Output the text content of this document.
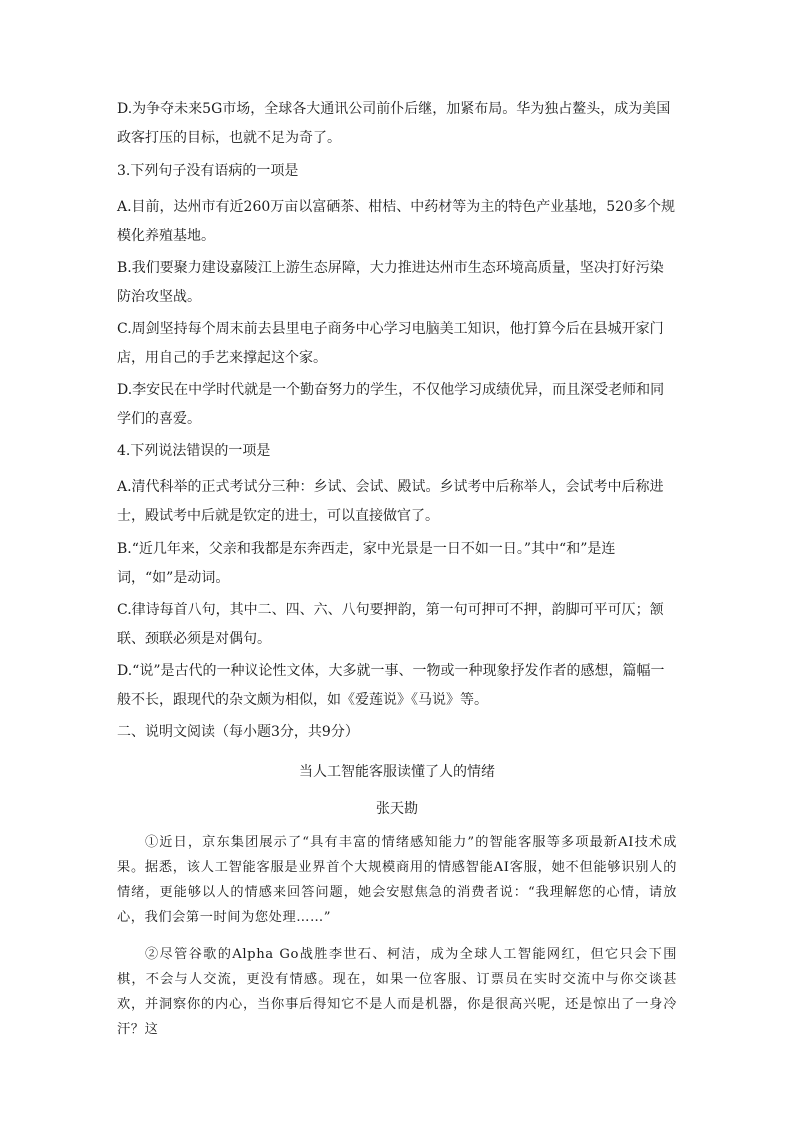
D.为争夺未来5G市场，全球各大通讯公司前仆后继，加紧布局。华为独占鳌头，成为美国政客打压的目标，也就不足为奇了。

3.下列句子没有语病的一项是

A.目前，达州市有近260万亩以富硒茶、柑桔、中药材等为主的特色产业基地，520多个规模化养殖基地。

B.我们要聚力建设嘉陵江上游生态屏障，大力推进达州市生态环境高质量，坚决打好污染防治攻坚战。

C.周剑坚持每个周末前去县里电子商务中心学习电脑美工知识，他打算今后在县城开家门店，用自己的手艺来撑起这个家。

D.李安民在中学时代就是一个勤奋努力的学生，不仅他学习成绩优异，而且深受老师和同学们的喜爱。

4.下列说法错误的一项是

A.清代科举的正式考试分三种：乡试、会试、殿试。乡试考中后称举人，会试考中后称进士，殿试考中后就是钦定的进士，可以直接做官了。

B.“近几年来，父亲和我都是东奔西走，家中光景是一日不如一日。”其中“和”是连词，“如”是动词。

C.律诗每首八句，其中二、四、六、八句要押韵，第一句可押可不押，韵脚可平可仄；颔联、颈联必须是对偶句。

D.“说”是古代的一种议论性文体，大多就一事、一物或一种现象抒发作者的感想，篇幅一般不长，跟现代的杂文颇为相似，如《爱莲说》《马说》等。

二、说明文阅读（每小题3分，共9分）

当人工智能客服读懂了人的情绪

张天勘

①近日，京东集团展示了“具有丰富的情绪感知能力”的智能客服等多项最新AI技术成果。据悉，该人工智能客服是业界首个大规模商用的情感智能AI客服，她不但能够识别人的情绪，更能够以人的情感来回答问题，她会安慰焦急的消费者说：“我理解您的心情，请放心，我们会第一时间为您处理……”

②尽管谷歌的Alpha Go战胜李世石、柯洁，成为全球人工智能网红，但它只会下围棋，不会与人交流，更没有情感。现在，如果一位客服、订票员在实时交流中与你交谈甚欢，并洞察你的内心，当你事后得知它不是人而是机器，你是很高兴呢，还是惊出了一身冷汗？这
